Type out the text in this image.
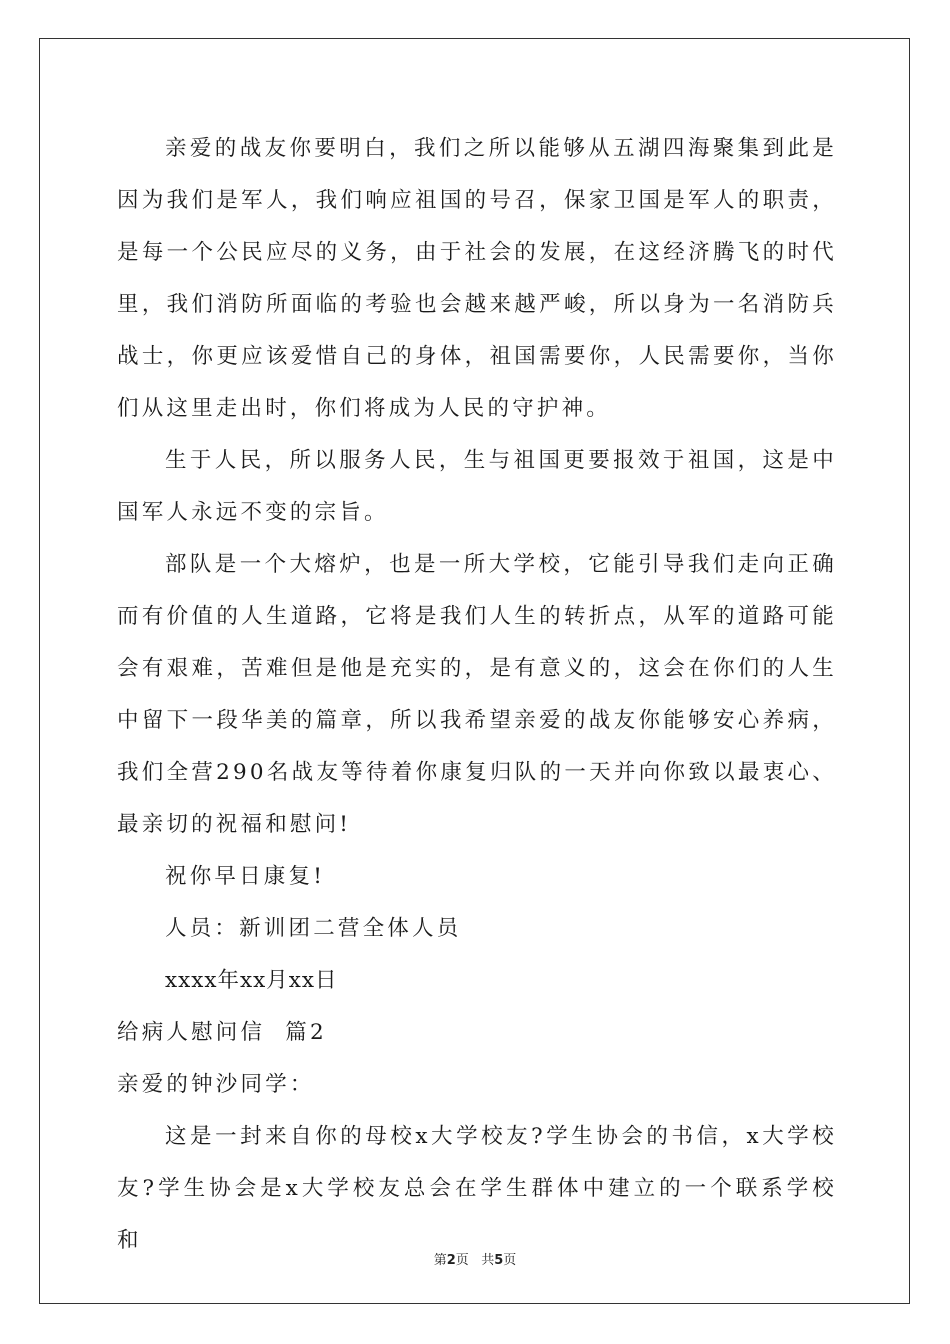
亲爱的战友你要明白，我们之所以能够从五湖四海聚集到此是因为我们是军人，我们响应祖国的号召，保家卫国是军人的职责，是每一个公民应尽的义务，由于社会的发展，在这经济腾飞的时代里，我们消防所面临的考验也会越来越严峻，所以身为一名消防兵战士，你更应该爱惜自己的身体，祖国需要你，人民需要你，当你们从这里走出时，你们将成为人民的守护神。

生于人民，所以服务人民，生与祖国更要报效于祖国，这是中国军人永远不变的宗旨。

部队是一个大熔炉，也是一所大学校，它能引导我们走向正确而有价值的人生道路，它将是我们人生的转折点，从军的道路可能会有艰难，苦难但是他是充实的，是有意义的，这会在你们的人生中留下一段华美的篇章，所以我希望亲爱的战友你能够安心养病，我们全营290名战友等待着你康复归队的一天并向你致以最衷心、最亲切的祝福和慰问!

祝你早日康复!

人员：新训团二营全体人员

xxxx年xx月xx日

给病人慰问信  篇2

亲爱的钟沙同学：

这是一封来自你的母校x大学校友?学生协会的书信，x大学校友?学生协会是x大学校友总会在学生群体中建立的一个联系学校和

第2页 共5页
